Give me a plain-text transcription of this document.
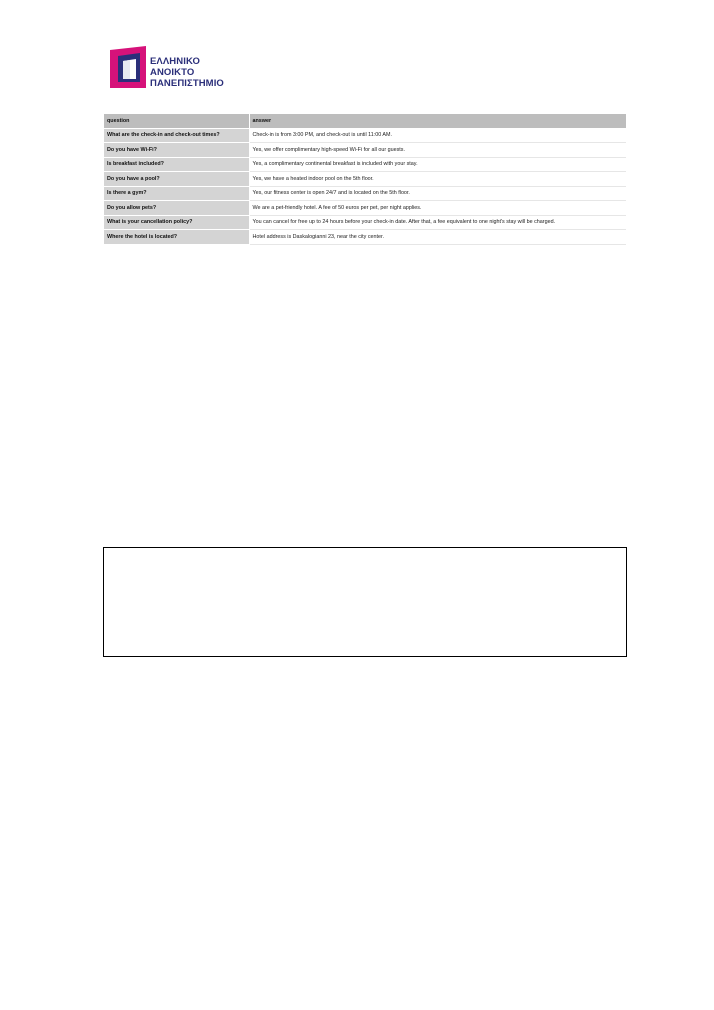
ΕΛΛΗΝΙΚΟ
ΑΝΟΙΚΤΟ
ΠΑΝΕΠΙΣΤΗΜΙΟ
question	answer
What are the check-in and check-out times?	Check-in is from 3:00 PM, and check-out is until 11:00 AM.
Do you have Wi-Fi?	Yes, we offer complimentary high-speed Wi-Fi for all our guests.
Is breakfast included?	Yes, a complimentary continental breakfast is included with your stay.
Do you have a pool?	Yes, we have a heated indoor pool on the 5th floor.
Is there a gym?	Yes, our fitness center is open 24/7 and is located on the 5th floor.
Do you allow pets?	We are a pet-friendly hotel. A fee of 50 euros per pet, per night applies.
What is your cancellation policy?	You can cancel for free up to 24 hours before your check-in date. After that, a fee equivalent to one night's stay will be charged.
Where the hotel is located?	Hotel address is Daskalogianni 23, near the city center.
